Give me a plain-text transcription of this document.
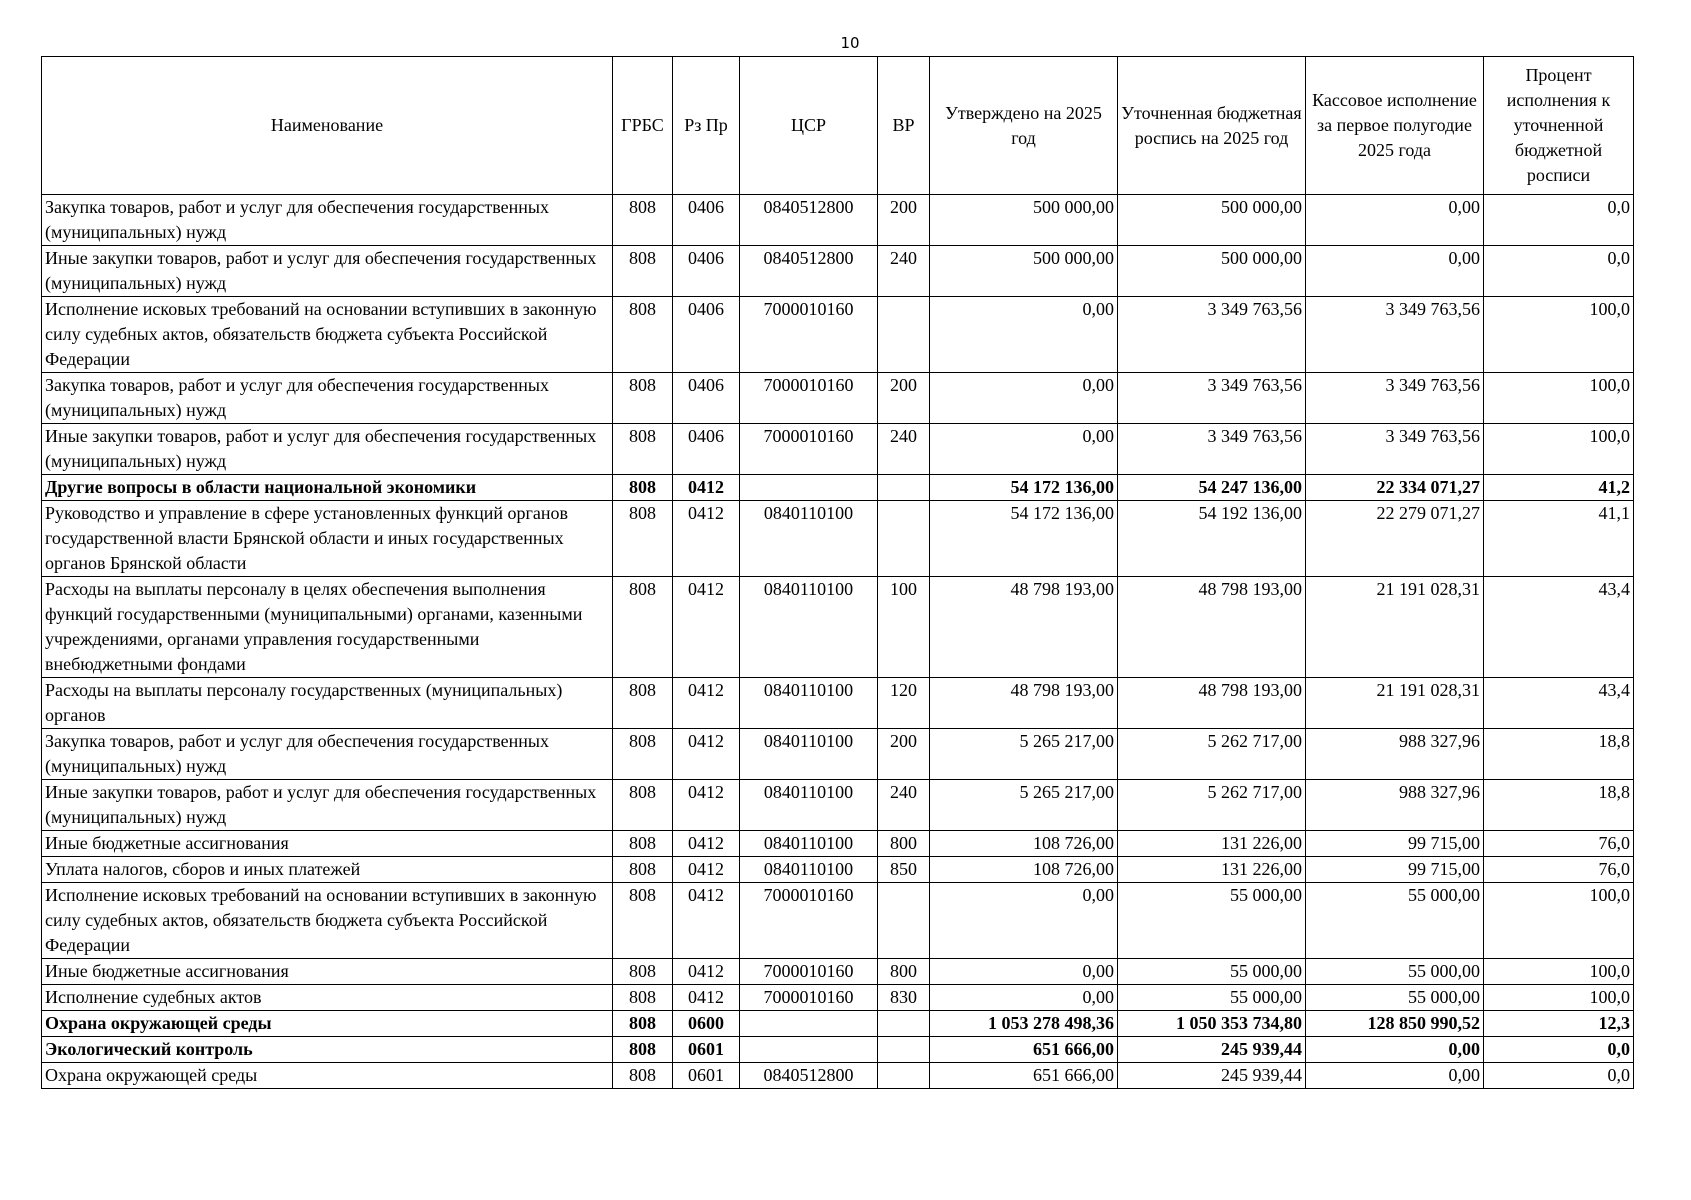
10
Наименование	ГРБС	Рз Пр	ЦСР	ВР	Утверждено на 2025 год	Уточненная бюджетная роспись на 2025 год	Кассовое исполнение за первое полугодие 2025 года	Процент исполнения к уточненной бюджетной росписи
Закупка товаров, работ и услуг для обеспечения государственных (муниципальных) нужд	808	0406	0840512800	200	500 000,00	500 000,00	0,00	0,0
Иные закупки товаров, работ и услуг для обеспечения государственных (муниципальных) нужд	808	0406	0840512800	240	500 000,00	500 000,00	0,00	0,0
Исполнение исковых требований на основании вступивших в законную силу судебных актов, обязательств бюджета субъекта Российской Федерации	808	0406	7000010160		0,00	3 349 763,56	3 349 763,56	100,0
Закупка товаров, работ и услуг для обеспечения государственных (муниципальных) нужд	808	0406	7000010160	200	0,00	3 349 763,56	3 349 763,56	100,0
Иные закупки товаров, работ и услуг для обеспечения государственных (муниципальных) нужд	808	0406	7000010160	240	0,00	3 349 763,56	3 349 763,56	100,0
Другие вопросы в области национальной экономики	808	0412			54 172 136,00	54 247 136,00	22 334 071,27	41,2
Руководство и управление в сфере установленных функций органов государственной власти Брянской области и иных государственных органов Брянской области	808	0412	0840110100		54 172 136,00	54 192 136,00	22 279 071,27	41,1
Расходы на выплаты персоналу в целях обеспечения выполнения функций государственными (муниципальными) органами, казенными учреждениями, органами управления государственными внебюджетными фондами	808	0412	0840110100	100	48 798 193,00	48 798 193,00	21 191 028,31	43,4
Расходы на выплаты персоналу государственных (муниципальных) органов	808	0412	0840110100	120	48 798 193,00	48 798 193,00	21 191 028,31	43,4
Закупка товаров, работ и услуг для обеспечения государственных (муниципальных) нужд	808	0412	0840110100	200	5 265 217,00	5 262 717,00	988 327,96	18,8
Иные закупки товаров, работ и услуг для обеспечения государственных (муниципальных) нужд	808	0412	0840110100	240	5 265 217,00	5 262 717,00	988 327,96	18,8
Иные бюджетные ассигнования	808	0412	0840110100	800	108 726,00	131 226,00	99 715,00	76,0
Уплата налогов, сборов и иных платежей	808	0412	0840110100	850	108 726,00	131 226,00	99 715,00	76,0
Исполнение исковых требований на основании вступивших в законную силу судебных актов, обязательств бюджета субъекта Российской Федерации	808	0412	7000010160		0,00	55 000,00	55 000,00	100,0
Иные бюджетные ассигнования	808	0412	7000010160	800	0,00	55 000,00	55 000,00	100,0
Исполнение судебных актов	808	0412	7000010160	830	0,00	55 000,00	55 000,00	100,0
Охрана окружающей среды	808	0600			1 053 278 498,36	1 050 353 734,80	128 850 990,52	12,3
Экологический контроль	808	0601			651 666,00	245 939,44	0,00	0,0
Охрана окружающей среды	808	0601	0840512800		651 666,00	245 939,44	0,00	0,0
